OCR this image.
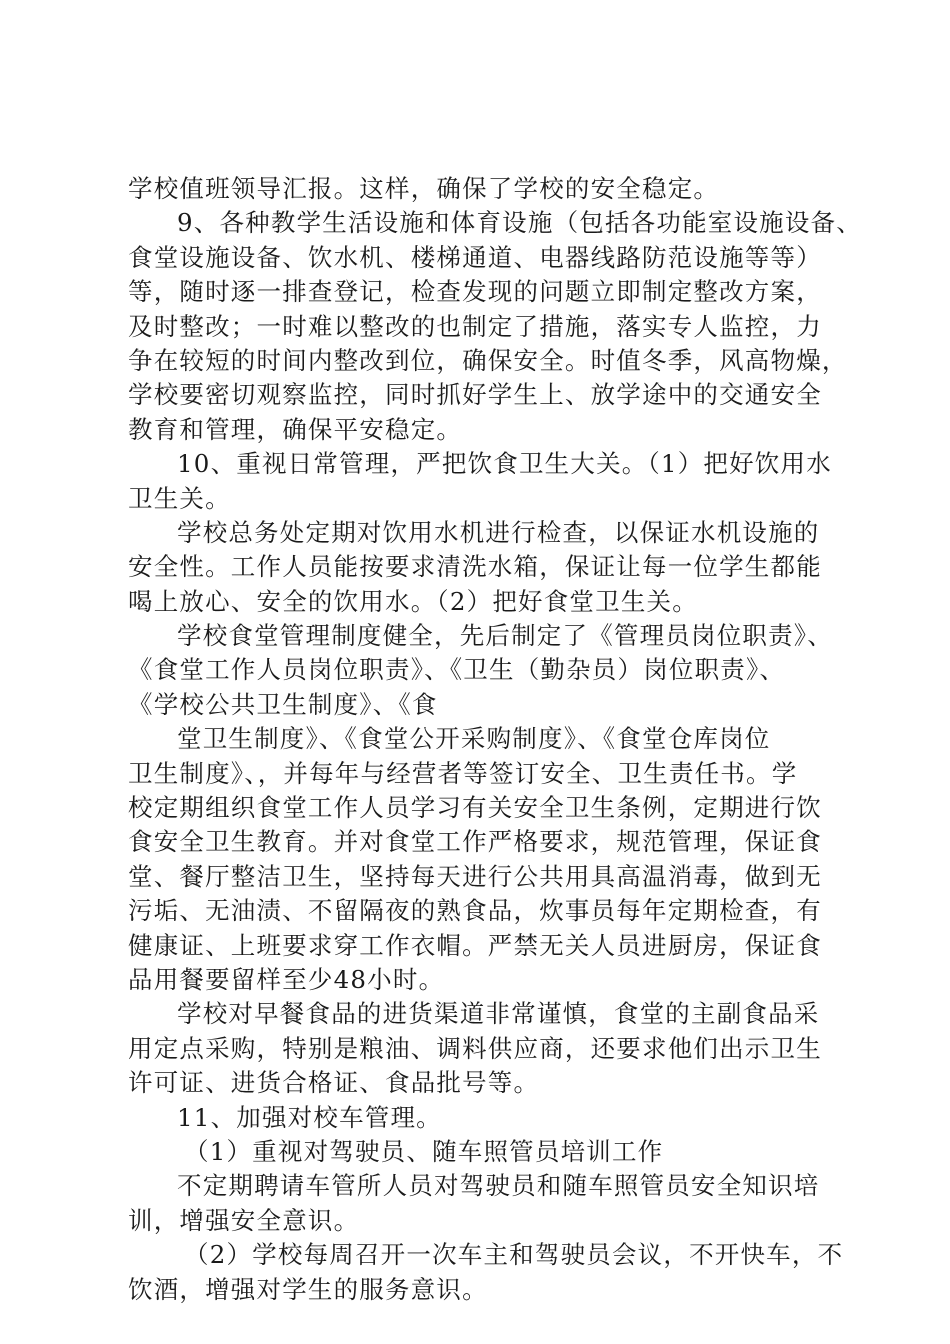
学校值班领导汇报。这样，确保了学校的安全稳定。
9、各种教学生活设施和体育设施（包括各功能室设施设备、
食堂设施设备、饮水机、楼梯通道、电器线路防范设施等等）
等，随时逐一排查登记，检查发现的问题立即制定整改方案，
及时整改；一时难以整改的也制定了措施，落实专人监控，力
争在较短的时间内整改到位，确保安全。时值冬季，风高物燥，
学校要密切观察监控，同时抓好学生上、放学途中的交通安全
教育和管理，确保平安稳定。
10、重视日常管理，严把饮食卫生大关。（1）把好饮用水
卫生关。
学校总务处定期对饮用水机进行检查，以保证水机设施的
安全性。工作人员能按要求清洗水箱，保证让每一位学生都能
喝上放心、安全的饮用水。（2）把好食堂卫生关。
学校食堂管理制度健全，先后制定了《管理员岗位职责》、
《食堂工作人员岗位职责》、《卫生（勤杂员）岗位职责》、
《学校公共卫生制度》、《食
堂卫生制度》、《食堂公开采购制度》、《食堂仓库岗位
卫生制度》、，并每年与经营者等签订安全、卫生责任书。学
校定期组织食堂工作人员学习有关安全卫生条例，定期进行饮
食安全卫生教育。并对食堂工作严格要求，规范管理，保证食
堂、餐厅整洁卫生，坚持每天进行公共用具高温消毒，做到无
污垢、无油渍、不留隔夜的熟食品，炊事员每年定期检查，有
健康证、上班要求穿工作衣帽。严禁无关人员进厨房，保证食
品用餐要留样至少48小时。
学校对早餐食品的进货渠道非常谨慎，食堂的主副食品采
用定点采购，特别是粮油、调料供应商，还要求他们出示卫生
许可证、进货合格证、食品批号等。
11、加强对校车管理。
（1）重视对驾驶员、随车照管员培训工作
不定期聘请车管所人员对驾驶员和随车照管员安全知识培
训，增强安全意识。
（2）学校每周召开一次车主和驾驶员会议，不开快车，不
饮酒，增强对学生的服务意识。
